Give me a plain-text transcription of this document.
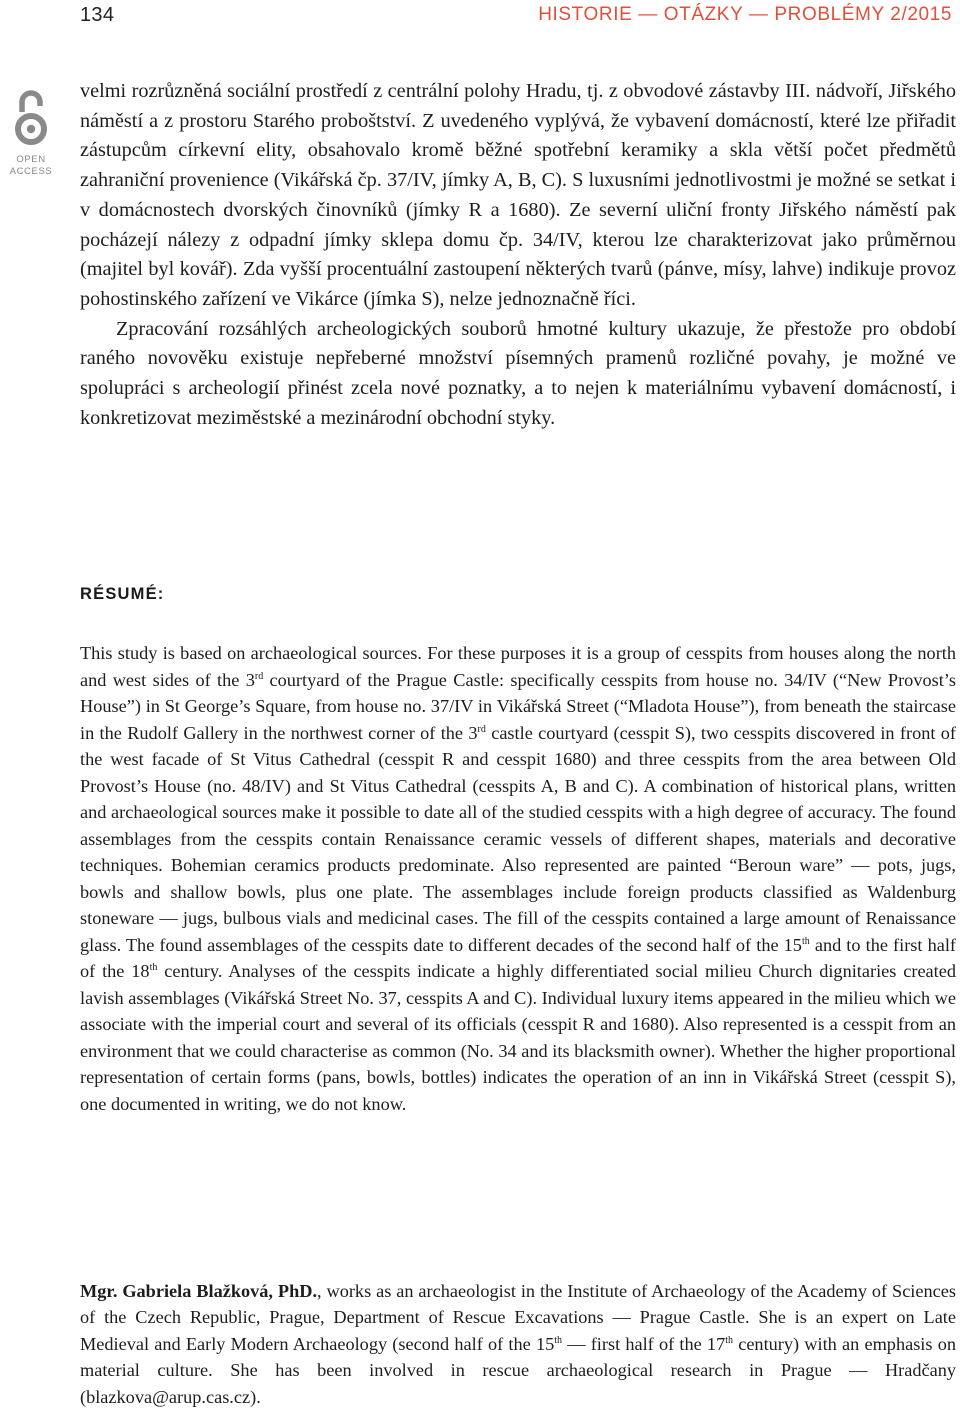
134	HISTORIE — OTÁZKY — PROBLÉMY 2/2015
OPEN
ACCESS

velmi rozrůzněná sociální prostředí z centrální polohy Hradu, tj. z obvodové zástavby III. nádvoří, Jiřského náměstí a z prostoru Starého proboštství. Z uvedeného vyplývá, že vybavení domácností, které lze přiřadit zástupcům církevní elity, obsahovalo kromě běžné spotřební keramiky a skla větší počet předmětů zahraniční provenience (Vikářská čp. 37/IV, jímky A, B, C). S luxusními jednotlivostmi je možné se setkat i v domácnostech dvorských činovníků (jímky R a 1680). Ze severní uliční fronty Jiřského náměstí pak pocházejí nálezy z odpadní jímky sklepa domu čp. 34/IV, kterou lze charakterizovat jako průměrnou (majitel byl kovář). Zda vyšší procentuální zastoupení některých tvarů (pánve, mísy, lahve) indikuje provoz pohostinského zařízení ve Vikárce (jímka S), nelze jednoznačně říci.

Zpracování rozsáhlých archeologických souborů hmotné kultury ukazuje, že přestože pro období raného novověku existuje nepřeberné množství písemných pramenů rozličné povahy, je možné ve spolupráci s archeologií přinést zcela nové poznatky, a to nejen k materiálnímu vybavení domácností, i konkretizovat meziměstské a mezinárodní obchodní styky.

RÉSUMÉ:

This study is based on archaeological sources. For these purposes it is a group of cesspits from houses along the north and west sides of the 3rd courtyard of the Prague Castle: specifically cesspits from house no. 34/IV (“New Provost’s House”) in St George’s Square, from house no. 37/IV in Vikářská Street (“Mladota House”), from beneath the staircase in the Rudolf Gallery in the northwest corner of the 3rd castle courtyard (cesspit S), two cesspits discovered in front of the west facade of St Vitus Cathedral (cesspit R and cesspit 1680) and three cesspits from the area between Old Provost’s House (no. 48/IV) and St Vitus Cathedral (cesspits A, B and C). A combination of historical plans, written and archaeological sources make it possible to date all of the studied cesspits with a high degree of accuracy. The found assemblages from the cesspits contain Renaissance ceramic vessels of different shapes, materials and decorative techniques. Bohemian ceramics products predominate. Also represented are painted “Beroun ware” — pots, jugs, bowls and shallow bowls, plus one plate. The assemblages include foreign products classified as Waldenburg stoneware — jugs, bulbous vials and medicinal cases. The fill of the cesspits contained a large amount of Renaissance glass. The found assemblages of the cesspits date to different decades of the second half of the 15th and to the first half of the 18th century. Analyses of the cesspits indicate a highly differentiated social milieu Church dignitaries created lavish assemblages (Vikářská Street No. 37, cesspits A and C). Individual luxury items appeared in the milieu which we associate with the imperial court and several of its officials (cesspit R and 1680). Also represented is a cesspit from an environment that we could characterise as common (No. 34 and its blacksmith owner). Whether the higher proportional representation of certain forms (pans, bowls, bottles) indicates the operation of an inn in Vikářská Street (cesspit S), one documented in writing, we do not know.

Mgr. Gabriela Blažková, PhD., works as an archaeologist in the Institute of Archaeology of the Academy of Sciences of the Czech Republic, Prague, Department of Rescue Excavations — Prague Castle. She is an expert on Late Medieval and Early Modern Archaeology (second half of the 15th — first half of the 17th century) with an emphasis on material culture. She has been involved in rescue archaeological research in Prague — Hradčany (blazkova@arup.cas.cz).
